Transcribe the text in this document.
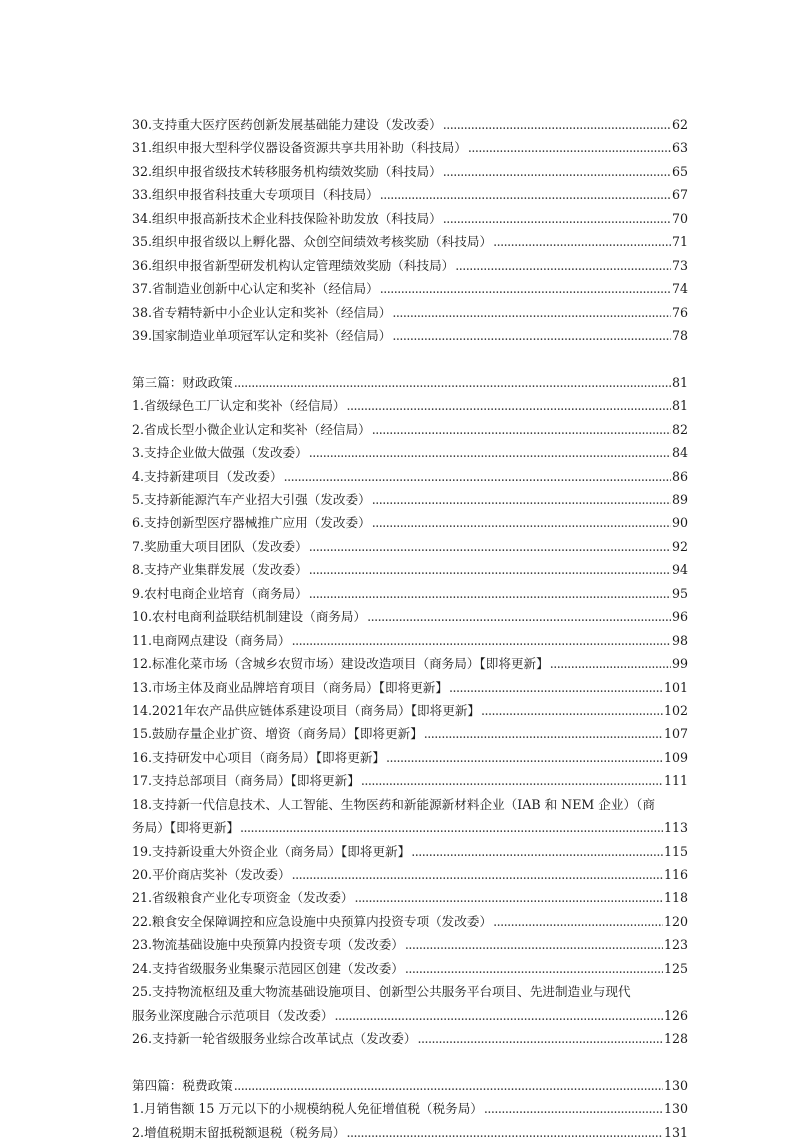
30.支持重大医疗医药创新发展基础能力建设（发改委） .....	62
31.组织申报大型科学仪器设备资源共享共用补助（科技局） .....	63
32.组织申报省级技术转移服务机构绩效奖励（科技局） .....	65
33.组织申报省科技重大专项项目（科技局） .....	67
34.组织申报高新技术企业科技保险补助发放（科技局） .....	70
35.组织申报省级以上孵化器、众创空间绩效考核奖励（科技局） .....	71
36.组织申报省新型研发机构认定管理绩效奖励（科技局） .....	73
37.省制造业创新中心认定和奖补（经信局） .....	74
38.省专精特新中小企业认定和奖补（经信局） .....	76
39.国家制造业单项冠军认定和奖补（经信局） .....	78
第三篇：财政政策 .....	81
1.省级绿色工厂认定和奖补（经信局） .....	81
2.省成长型小微企业认定和奖补（经信局） .....	82
3.支持企业做大做强（发改委） .....	84
4.支持新建项目（发改委） .....	86
5.支持新能源汽车产业招大引强（发改委） .....	89
6.支持创新型医疗器械推广应用（发改委） .....	90
7.奖励重大项目团队（发改委） .....	92
8.支持产业集群发展（发改委） .....	94
9.农村电商企业培育（商务局） .....	95
10.农村电商利益联结机制建设（商务局） .....	96
11.电商网点建设（商务局） .....	98
12.标准化菜市场（含城乡农贸市场）建设改造项目（商务局）【即将更新】 .....	99
13.市场主体及商业品牌培育项目（商务局）【即将更新】 .....	101
14.2021年农产品供应链体系建设项目（商务局）【即将更新】 .....	102
15.鼓励存量企业扩资、增资（商务局）【即将更新】 .....	107
16.支持研发中心项目（商务局）【即将更新】 .....	109
17.支持总部项目（商务局）【即将更新】 .....	111
18.支持新一代信息技术、人工智能、生物医药和新能源新材料企业（IAB 和 NEM 企业）（商
务局）【即将更新】 .....	113
19.支持新设重大外资企业（商务局）【即将更新】 .....	115
20.平价商店奖补（发改委） .....	116
21.省级粮食产业化专项资金（发改委） .....	118
22.粮食安全保障调控和应急设施中央预算内投资专项（发改委） .....	120
23.物流基础设施中央预算内投资专项（发改委） .....	123
24.支持省级服务业集聚示范园区创建（发改委） .....	125
25.支持物流枢纽及重大物流基础设施项目、创新型公共服务平台项目、先进制造业与现代
服务业深度融合示范项目（发改委） .....	126
26.支持新一轮省级服务业综合改革试点（发改委） .....	128
第四篇：税费政策 .....	130
1.月销售额 15 万元以下的小规模纳税人免征增值税（税务局） .....	130
2.增值税期末留抵税额退税（税务局） .....	131
